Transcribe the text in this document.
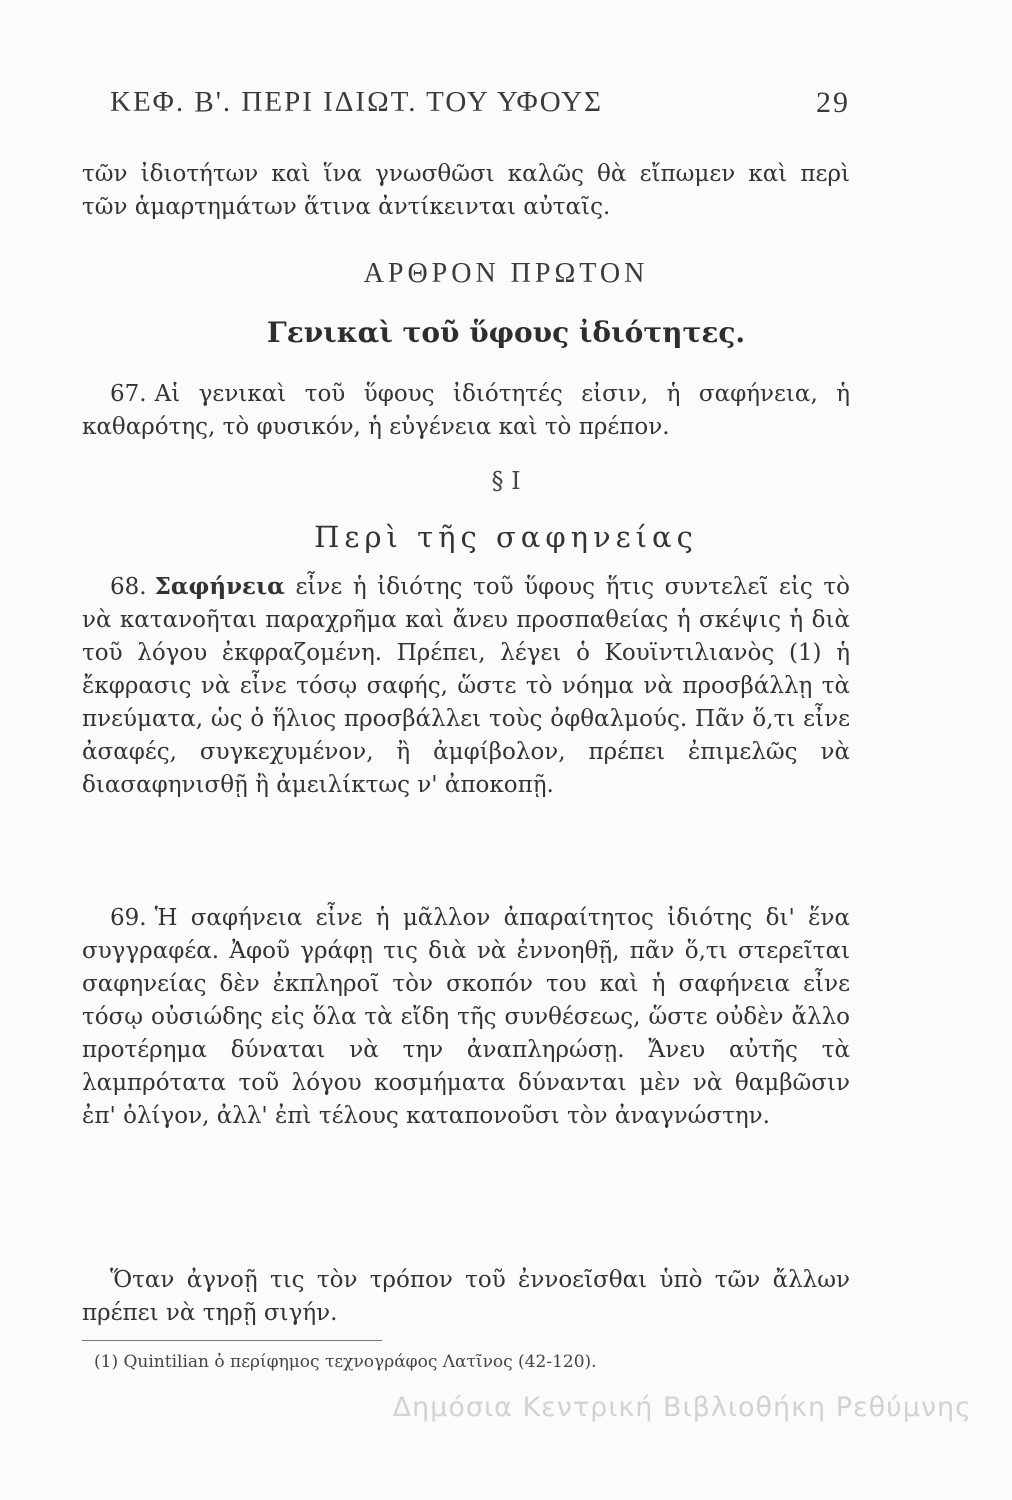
ΚΕΦ. Β'. ΠΕΡΙ ΙΔΙΩΤ. ΤΟΥ ΥΦΟΥΣ	29

τῶν ἰδιοτήτων καὶ ἵνα γνωσθῶσι καλῶς θὰ εἴπωμεν καὶ περὶ τῶν ἁμαρτημάτων ἅτινα ἀντίκεινται αὐταῖς.

ΑΡΘΡΟΝ ΠΡΩΤΟΝ
Γενικαὶ τοῦ ὕφους ἰδιότητες.

67. Αἱ γενικαὶ τοῦ ὕφους ἰδιότητές εἰσιν, ἡ σαφήνεια, ἡ καθαρότης, τὸ φυσικόν, ἡ εὐγένεια καὶ τὸ πρέπον.

§ I
Περὶ τῆς σαφηνείας

68. Σαφήνεια εἶνε ἡ ἰδιότης τοῦ ὕφους ἥτις συντελεῖ εἰς τὸ νὰ κατανοῆται παραχρῆμα καὶ ἄνευ προσπαθείας ἡ σκέψις ἡ διὰ τοῦ λόγου ἐκφραζομένη. Πρέπει, λέγει ὁ Κουϊντιλιανὸς (1) ἡ ἔκφρασις νὰ εἶνε τόσῳ σαφής, ὥστε τὸ νόημα νὰ προσβάλλῃ τὰ πνεύματα, ὡς ὁ ἥλιος προσβάλλει τοὺς ὀφθαλμούς. Πᾶν ὅ,τι εἶνε ἀσαφές, συγκεχυμένον, ἢ ἀμφίβολον, πρέπει ἐπιμελῶς νὰ διασαφηνισθῇ ἢ ἀμειλίκτως ν' ἀποκοπῇ.

69. Ἡ σαφήνεια εἶνε ἡ μᾶλλον ἀπαραίτητος ἰδιότης δι' ἕνα συγγραφέα. Ἀφοῦ γράφῃ τις διὰ νὰ ἐννοηθῇ, πᾶν ὅ,τι στερεῖται σαφηνείας δὲν ἐκπληροῖ τὸν σκοπόν του καὶ ἡ σαφήνεια εἶνε τόσῳ οὐσιώδης εἰς ὅλα τὰ εἴδη τῆς συνθέσεως, ὥστε οὐδὲν ἄλλο προτέρημα δύναται νὰ την ἀναπληρώσῃ. Ἄνευ αὐτῆς τὰ λαμπρότατα τοῦ λόγου κοσμήματα δύνανται μὲν νὰ θαμβῶσιν ἐπ' ὀλίγον, ἀλλ' ἐπὶ τέλους καταπονοῦσι τὸν ἀναγνώστην.

Ὅταν ἀγνοῇ τις τὸν τρόπον τοῦ ἐννοεῖσθαι ὑπὸ τῶν ἄλλων πρέπει νὰ τηρῇ σιγήν.

(1) Quintilian ὁ περίφημος τεχνογράφος Λατῖνος (42-120).
Δημόσια Κεντρική Βιβλιοθήκη Ρεθύμνης
